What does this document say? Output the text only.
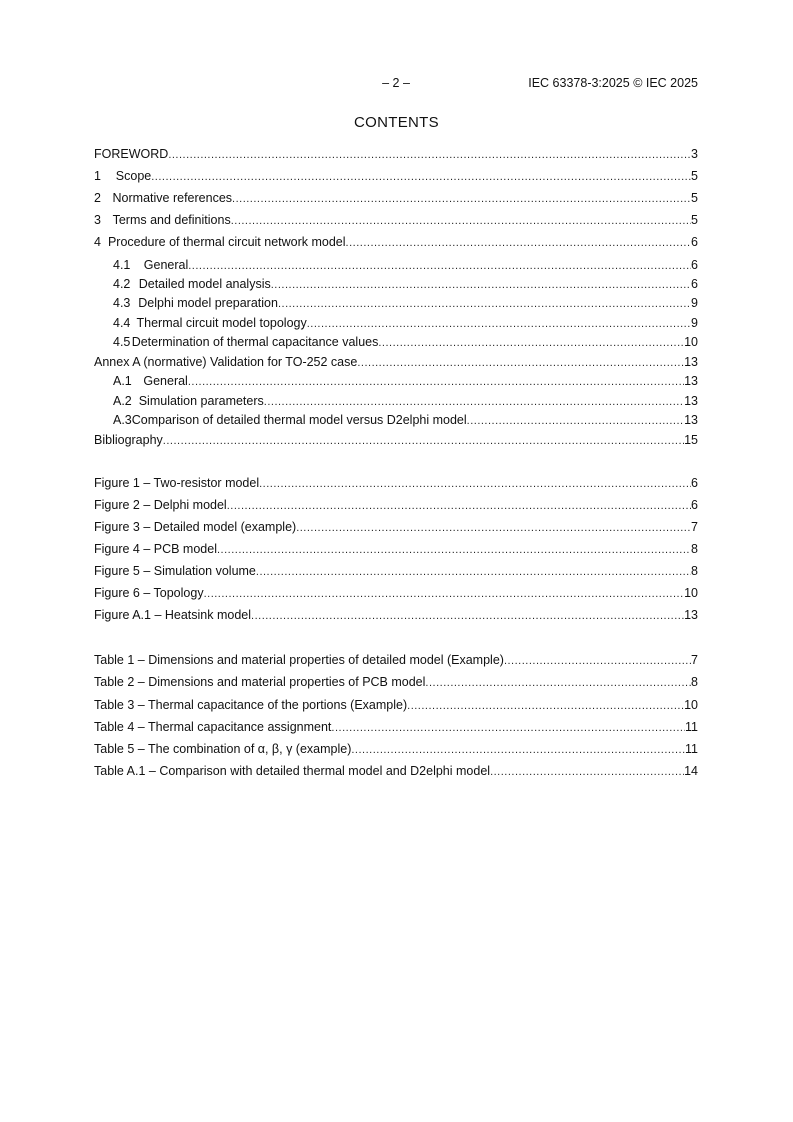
– 2 –	IEC 63378-3:2025 © IEC 2025
CONTENTS
FOREWORD .....	3
1	Scope .....	5
2 Normative references .....	5
3 Terms and definitions .....	5
4 Procedure of thermal circuit network model .....	6
4.1	General .....	6
4.2 Detailed model analysis .....	6
4.3 Delphi model preparation .....	9
4.4 Thermal circuit model topology .....	9
4.5 Determination of thermal capacitance values .....	10
Annex A (normative) Validation for TO-252 case .....	13
A.1 General .....	13
A.2 Simulation parameters .....	13
A.3 Comparison of detailed thermal model versus D2elphi model .....	13
Bibliography .....	15
Figure 1 – Two-resistor model .....	6
Figure 2 – Delphi model .....	6
Figure 3 – Detailed model (example) .....	7
Figure 4 – PCB model .....	8
Figure 5 – Simulation volume .....	8
Figure 6 – Topology .....	10
Figure A.1 – Heatsink model .....	13
Table 1 – Dimensions and material properties of detailed model (Example) .....	7
Table 2 – Dimensions and material properties of PCB model .....	8
Table 3 – Thermal capacitance of the portions (Example) .....	10
Table 4 – Thermal capacitance assignment .....	11
Table 5 – The combination of α, β, γ (example) .....	11
Table A.1 – Comparison with detailed thermal model and D2elphi model .....	14
